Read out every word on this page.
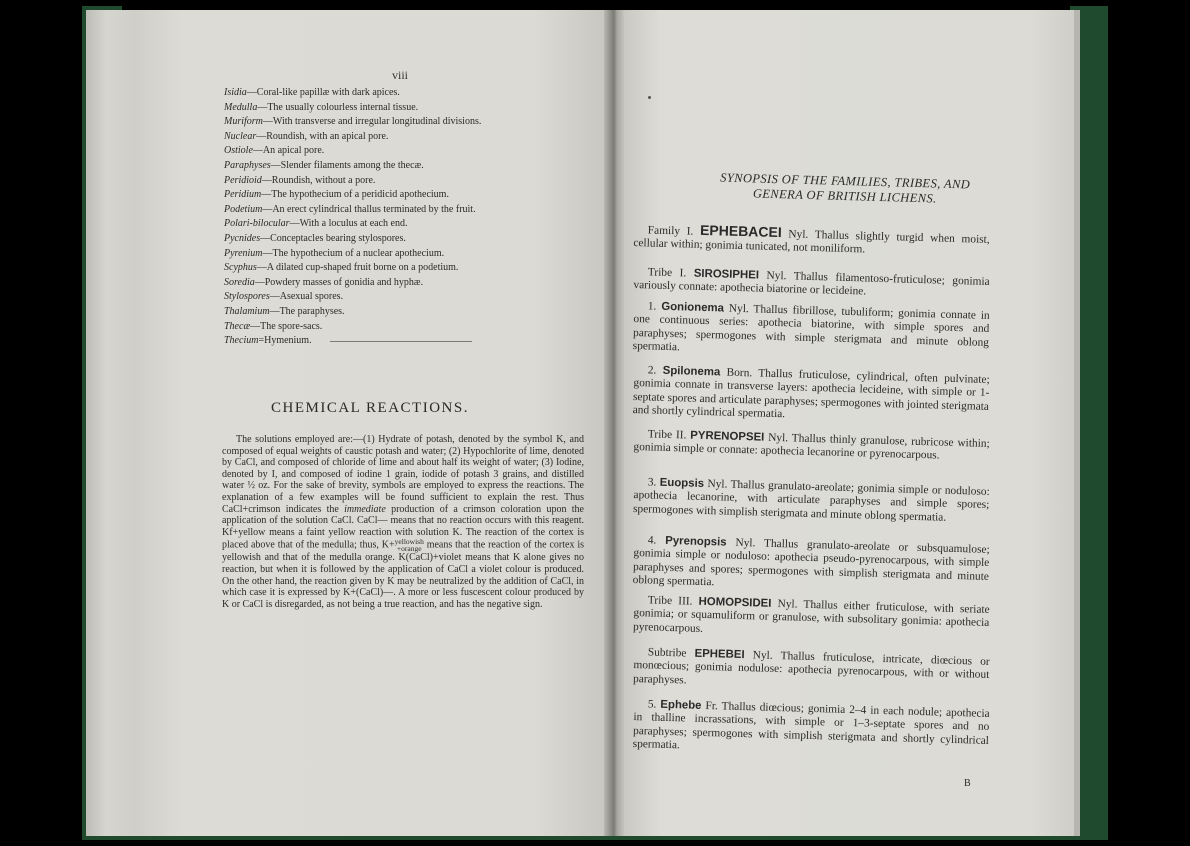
viii
Isidia—Coral-like papillæ with dark apices.
Medulla—The usually colourless internal tissue.
Muriform—With transverse and irregular longitudinal divisions.
Nuclear—Roundish, with an apical pore.
Ostiole—An apical pore.
Paraphyses—Slender filaments among the thecæ.
Peridioid—Roundish, without a pore.
Peridium—The hypothecium of a peridicid apothecium.
Podetium—An erect cylindrical thallus terminated by the fruit.
Polari-bilocular—With a loculus at each end.
Pycnides—Conceptacles bearing stylospores.
Pyrenium—The hypothecium of a nuclear apothecium.
Scyphus—A dilated cup-shaped fruit borne on a podetium.
Soredia—Powdery masses of gonidia and hyphæ.
Stylospores—Asexual spores.
Thalamium—The paraphyses.
Thecæ—The spore-sacs.
Thecium=Hymenium.
CHEMICAL REACTIONS.
The solutions employed are:—(1) Hydrate of potash, denoted by the symbol K, and composed of equal weights of caustic potash and water; (2) Hypochlorite of lime, denoted by CaCl, and composed of chloride of lime and about half its weight of water; (3) Iodine, denoted by I, and composed of iodine 1 grain, iodide of potash 3 grains, and distilled water ½ oz. For the sake of brevity, symbols are employed to express the reactions. The explanation of a few examples will be found sufficient to explain the rest. Thus CaCl+crimson indicates the immediate production of a crimson coloration upon the application of the solution CaCl. CaCl— means that no reaction occurs with this reagent. Kf+yellow means a faint yellow reaction with solution K. The reaction of the cortex is placed above that of the medulla; thus, K+ yellowish
+orange means that the reaction of the cortex is yellowish and that of the medulla orange. K(CaCl)+violet means that K alone gives no reaction, but when it is followed by the application of CaCl a violet colour is produced. On the other hand, the reaction given by K may be neutralized by the addition of CaCl, in which case it is expressed by K+(CaCl)—. A more or less fuscescent colour produced by K or CaCl is disregarded, as not being a true reaction, and has the negative sign.
SYNOPSIS OF THE FAMILIES, TRIBES, AND
GENERA OF BRITISH LICHENS.

Family I. EPHEBACEI Nyl. Thallus slightly turgid when moist, cellular within; gonimia tunicated, not moniliform.

Tribe I. SIROSIPHEI Nyl. Thallus filamentoso-fruticulose; gonimia variously connate: apothecia biatorine or lecideine.

1. Gonionema Nyl. Thallus fibrillose, tubuliform; gonimia connate in one continuous series: apothecia biatorine, with simple spores and paraphyses; spermogones with simple sterigmata and minute oblong spermatia.

2. Spilonema Born. Thallus fruticulose, cylindrical, often pulvinate; gonimia connate in transverse layers: apothecia lecideine, with simple or 1-septate spores and articulate paraphyses; spermogones with jointed sterigmata and shortly cylindrical spermatia.

Tribe II. PYRENOPSEI Nyl. Thallus thinly granulose, rubricose within; gonimia simple or connate: apothecia lecanorine or pyrenocarpous.

3. Euopsis Nyl. Thallus granulato-areolate; gonimia simple or noduloso: apothecia lecanorine, with articulate paraphyses and simple spores; spermogones with simplish sterigmata and minute oblong spermatia.

4. Pyrenopsis Nyl. Thallus granulato-areolate or subsquamulose; gonimia simple or noduloso: apothecia pseudo-pyrenocarpous, with simple paraphyses and spores; spermogones with simplish sterigmata and minute oblong spermatia.

Tribe III. HOMOPSIDEI Nyl. Thallus either fruticulose, with seriate gonimia; or squamuliform or granulose, with subsolitary gonimia: apothecia pyrenocarpous.

Subtribe EPHEBEI Nyl. Thallus fruticulose, intricate, diœcious or monœcious; gonimia nodulose: apothecia pyrenocarpous, with or without paraphyses.

5. Ephebe Fr. Thallus diœcious; gonimia 2–4 in each nodule; apothecia in thalline incrassations, with simple or 1–3-septate spores and no paraphyses; spermogones with simplish sterigmata and shortly cylindrical spermatia.

B
